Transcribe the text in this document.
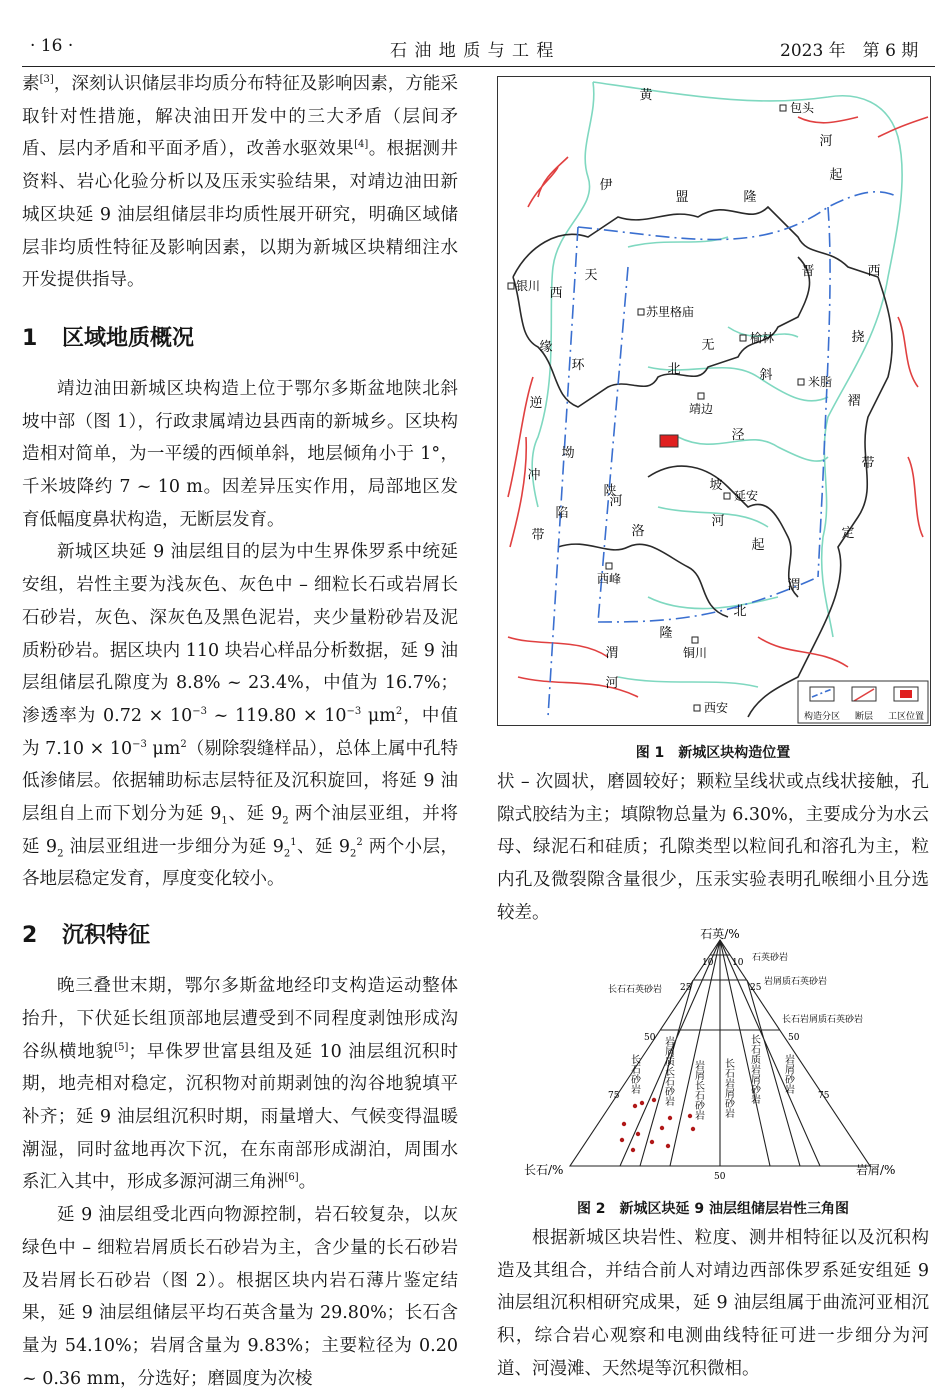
· 16 ·	石 油 地 质 与 工 程	2023 年　第 6 期

素[3]，深刻认识储层非均质分布特征及影响因素，方能采取针对性措施，解决油田开发中的三大矛盾（层间矛盾、层内矛盾和平面矛盾），改善水驱效果[4]。根据测井资料、岩心化验分析以及压汞实验结果，对靖边油田新城区块延 9 油层组储层非均质性展开研究，明确区域储层非均质性特征及影响因素，以期为新城区块精细注水开发提供指导。

1 区域地质概况

靖边油田新城区块构造上位于鄂尔多斯盆地陕北斜坡中部（图 1），行政隶属靖边县西南的新城乡。区块构造相对简单，为一平缓的西倾单斜，地层倾角小于 1°，千米坡降约 7 ~ 10 m。因差异压实作用，局部地区发育低幅度鼻状构造，无断层发育。

新城区块延 9 油层组目的层为中生界侏罗系中统延安组，岩性主要为浅灰色、灰色中 – 细粒长石或岩屑长石砂岩，灰色、深灰色及黑色泥岩，夹少量粉砂岩及泥质粉砂岩。据区块内 110 块岩心样品分析数据，延 9 油层组储层孔隙度为 8.8% ~ 23.4%，中值为 16.7%；渗透率为 $0.72 \times 10^{-3}$ ~ $119.80 \times 10^{-3}$ $\mu m^2$，中值为 $7.10 \times 10^{-3}$ $\mu m^2$（剔除裂缝样品），总体上属中孔特低渗储层。依据辅助标志层特征及沉积旋回，将延 9 油层组自上而下划分为延 $9_1$、延 $9_2$ 两个油层亚组，并将延 $9_2$ 油层亚组进一步细分为延 $9_2^1$、延 $9_2^2$ 两个小层，各地层稳定发育，厚度变化较小。

2 沉积特征

晚三叠世末期，鄂尔多斯盆地经印支构造运动整体抬升，下伏延长组顶部地层遭受到不同程度剥蚀形成沟谷纵横地貌[5]；早侏罗世富县组及延 10 油层组沉积时期，地壳相对稳定，沉积物对前期剥蚀的沟谷地貌填平补齐；延 9 油层组沉积时期，雨量增大、气候变得温暖潮湿，同时盆地再次下沉，在东南部形成湖泊，周围水系汇入其中，形成多源河湖三角洲[6]。

延 9 油层组受北西向物源控制，岩石较复杂，以灰绿色中 – 细粒岩屑质长石砂岩为主，含少量的长石砂岩及岩屑长石砂岩（图 2）。根据区块内岩石薄片鉴定结果，延 9 油层组储层平均石英含量为 29.80%；长石含量为 54.10%；岩屑含量为 9.83%；主要粒径为 0.20 ~ 0.36 mm，分选好；磨圆度为次棱

黄
河
起
伊
盟	隆
天
西
缘
环
逆
冲
带
坳
陷
陕
晋	西
挠
褶
带
定
无
北	斜
泾
河
洛
坡
河
起
渭
北
隆
渭
河
包头
银川
苏里格庙
榆林
米脂
靖边
延安
西峰
铜川
西安
构造分区 断层 工区位置
图 1　新城区块构造位置

状 – 次圆状，磨圆较好；颗粒呈线状或点线状接触，孔隙式胶结为主；填隙物总量为 6.30%，主要成分为水云母、绿泥石和硅质；孔隙类型以粒间孔和溶孔为主，粒内孔及微裂隙含量很少，压汞实验表明孔喉细小且分选较差。

石英/%
长石/%	岩屑/%
10
25
50
75
10
25
50
75
50
石英砂岩
岩屑质石英砂岩
长石岩屑质石英砂岩
长石石英砂岩
长石砂岩 岩屑质长石砂岩 岩屑长石砂岩 长石岩屑砂岩 长石质岩屑砂岩 岩屑砂岩
图 2　新城区块延 9 油层组储层岩性三角图

根据新城区块岩性、粒度、测井相特征以及沉积构造及其组合，并结合前人对靖边西部侏罗系延安组延 9 油层组沉积相研究成果，延 9 油层组属于曲流河亚相沉积，综合岩心观察和电测曲线特征可进一步细分为河道、河漫滩、天然堤等沉积微相。
